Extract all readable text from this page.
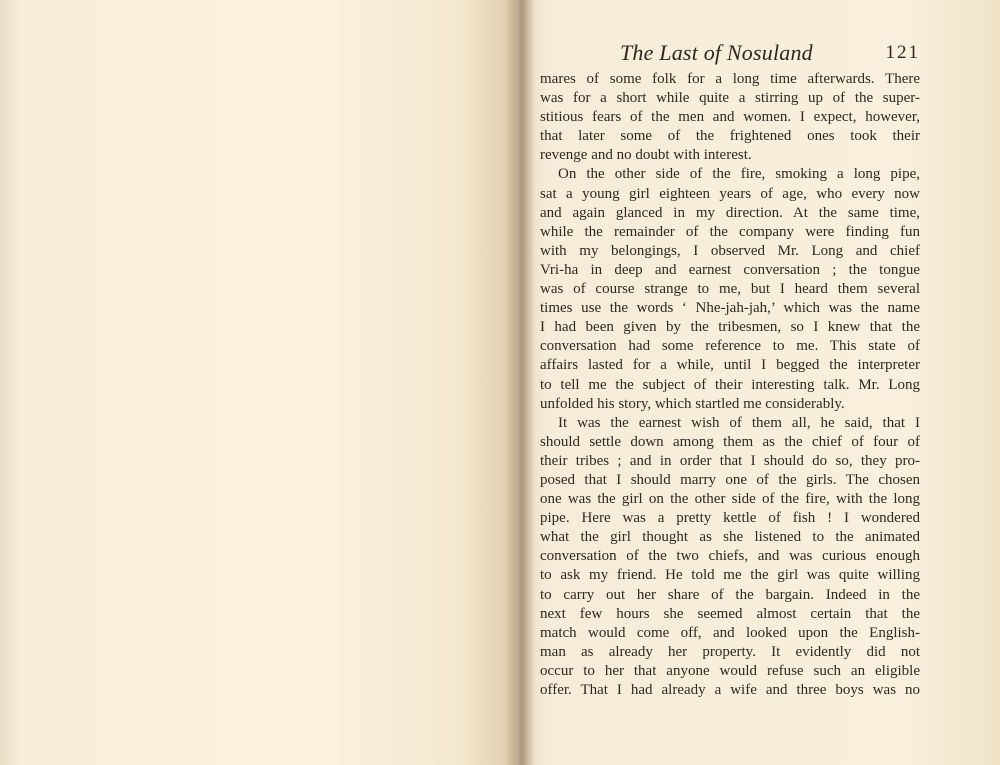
The Last of Nosuland	121
mares of some folk for a long time afterwards. There
was for a short while quite a stirring up of the super-
stitious fears of the men and women. I expect, however,
that later some of the frightened ones took their
revenge and no doubt with interest.
On the other side of the fire, smoking a long pipe,
sat a young girl eighteen years of age, who every now
and again glanced in my direction. At the same time,
while the remainder of the company were finding fun
with my belongings, I observed Mr. Long and chief
Vri-ha in deep and earnest conversation ; the tongue
was of course strange to me, but I heard them several
times use the words ‘ Nhe-jah-jah,’ which was the name
I had been given by the tribesmen, so I knew that the
conversation had some reference to me. This state of
affairs lasted for a while, until I begged the interpreter
to tell me the subject of their interesting talk. Mr. Long
unfolded his story, which startled me considerably.
It was the earnest wish of them all, he said, that I
should settle down among them as the chief of four of
their tribes ; and in order that I should do so, they pro-
posed that I should marry one of the girls. The chosen
one was the girl on the other side of the fire, with the long
pipe. Here was a pretty kettle of fish ! I wondered
what the girl thought as she listened to the animated
conversation of the two chiefs, and was curious enough
to ask my friend. He told me the girl was quite willing
to carry out her share of the bargain. Indeed in the
next few hours she seemed almost certain that the
match would come off, and looked upon the English-
man as already her property. It evidently did not
occur to her that anyone would refuse such an eligible
offer. That I had already a wife and three boys was no
